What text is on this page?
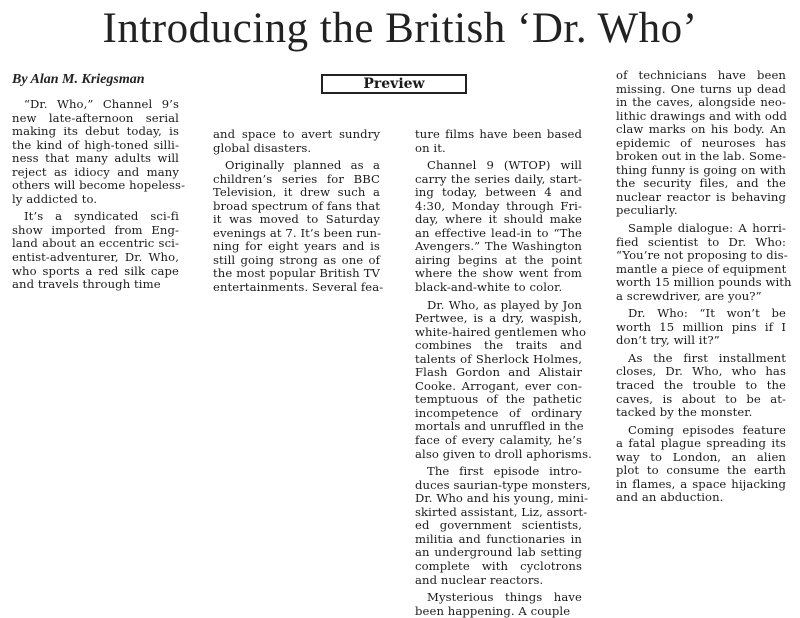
Introducing the British ‘Dr. Who’
By Alan M. Kriegsman	Preview
“Dr. Who,” Channel 9’s
new late-afternoon serial
making its debut today, is
the kind of high-toned silli-
ness that many adults will
reject as idiocy and many
others will become hopeless-
ly addicted to.
It’s a syndicated sci-fi
show imported from Eng-
land about an eccentric sci-
entist-adventurer, Dr. Who,
who sports a red silk cape
and travels through time
and space to avert sundry
global disasters.
Originally planned as a
children’s series for BBC
Television, it drew such a
broad spectrum of fans that
it was moved to Saturday
evenings at 7. It’s been run-
ning for eight years and is
still going strong as one of
the most popular British TV
entertainments. Several fea-
ture films have been based
on it.
Channel 9 (WTOP) will
carry the series daily, start-
ing today, between 4 and
4:30, Monday through Fri-
day, where it should make
an effective lead-in to “The
Avengers.” The Washington
airing begins at the point
where the show went from
black-and-white to color.
Dr. Who, as played by Jon
Pertwee, is a dry, waspish,
white-haired gentlemen who
combines the traits and
talents of Sherlock Holmes,
Flash Gordon and Alistair
Cooke. Arrogant, ever con-
temptuous of the pathetic
incompetence of ordinary
mortals and unruffled in the
face of every calamity, he’s
also given to droll aphorisms.
The first episode intro-
duces saurian-type monsters,
Dr. Who and his young, mini-
skirted assistant, Liz, assort-
ed government scientists,
militia and functionaries in
an underground lab setting
complete with cyclotrons
and nuclear reactors.
Mysterious things have
been happening. A couple
of technicians have been
missing. One turns up dead
in the caves, alongside neo-
lithic drawings and with odd
claw marks on his body. An
epidemic of neuroses has
broken out in the lab. Some-
thing funny is going on with
the security files, and the
nuclear reactor is behaving
peculiarly.
Sample dialogue: A horri-
fied scientist to Dr. Who:
“You’re not proposing to dis-
mantle a piece of equipment
worth 15 million pounds with
a screwdriver, are you?”
Dr. Who: “It won’t be
worth 15 million pins if I
don’t try, will it?”
As the first installment
closes, Dr. Who, who has
traced the trouble to the
caves, is about to be at-
tacked by the monster.
Coming episodes feature
a fatal plague spreading its
way to London, an alien
plot to consume the earth
in flames, a space hijacking
and an abduction.
